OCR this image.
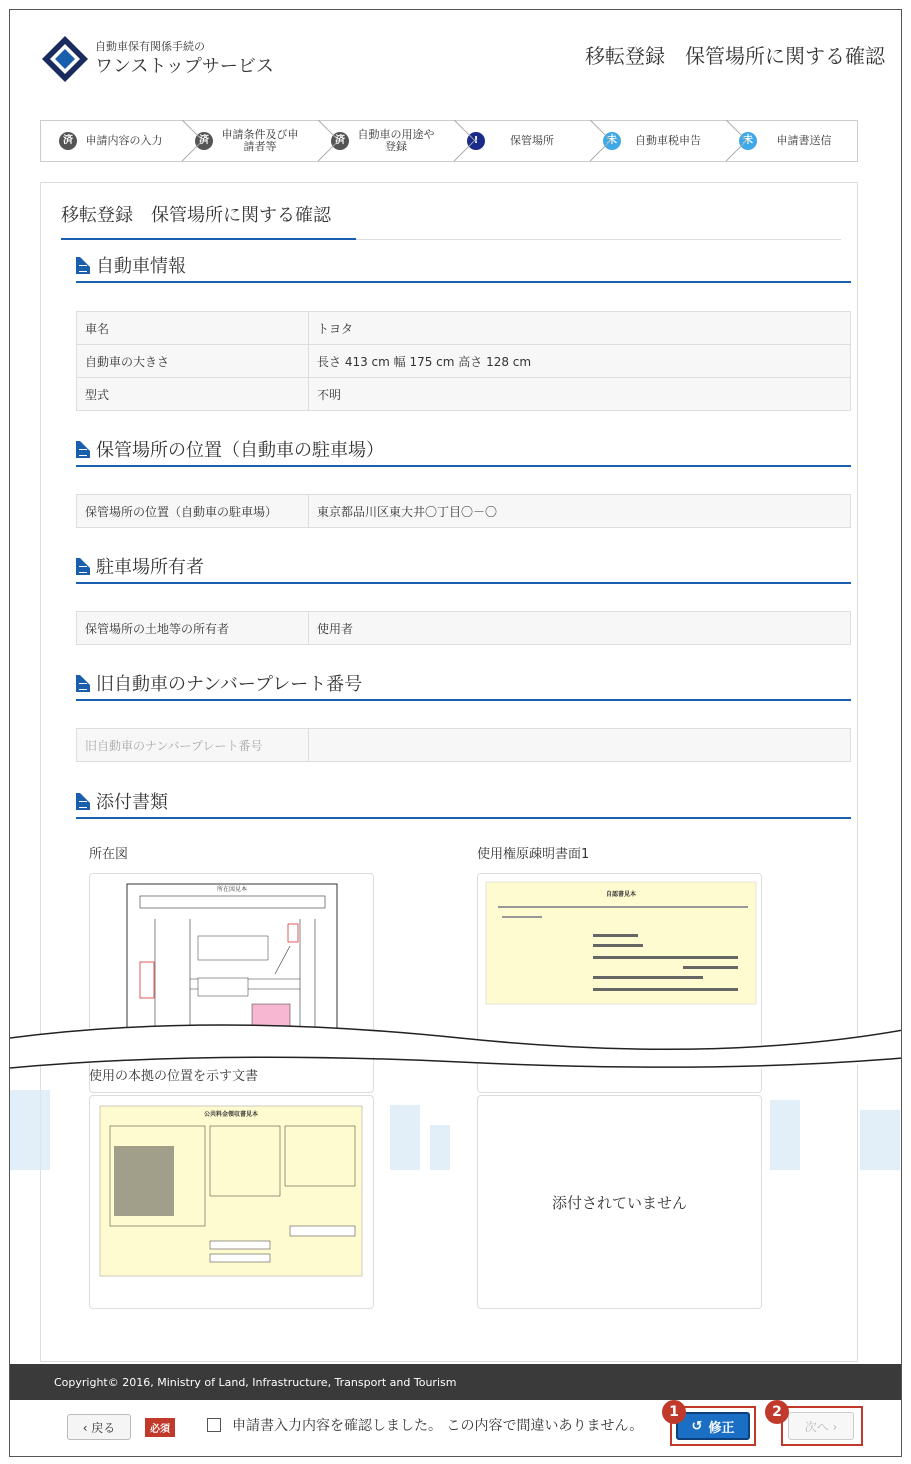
自動車保有関係手続の
ワンストップサービス	移転登録　保管場所に関する確認
済	申請内容の入力	済	申請条件及び申請者等	済	自動車の用途や登録	!	保管場所	未	自動車税申告	未	申請書送信
移転登録　保管場所に関する確認
自動車情報
車名	トヨタ
自動車の大きさ	長さ 413 cm 幅 175 cm 高さ 128 cm
型式	不明
保管場所の位置（自動車の駐車場）
保管場所の位置（自動車の駐車場）	東京都品川区東大井〇丁目〇－〇
駐車場所有者
保管場所の土地等の所有者	使用者
旧自動車のナンバープレート番号
旧自動車のナンバープレート番号	
添付書類
所在図
所在図見本
使用権原疎明書面1
自認書見本
使用の本拠の位置を示す文書
公共料金領収書見本
添付されていません
Copyright© 2016, Ministry of Land, Infrastructure, Transport and Tourism
‹ 戻る	必須	申請書入力内容を確認しました。 この内容で間違いありません。	↺ 修正
1
次へ ›
2
